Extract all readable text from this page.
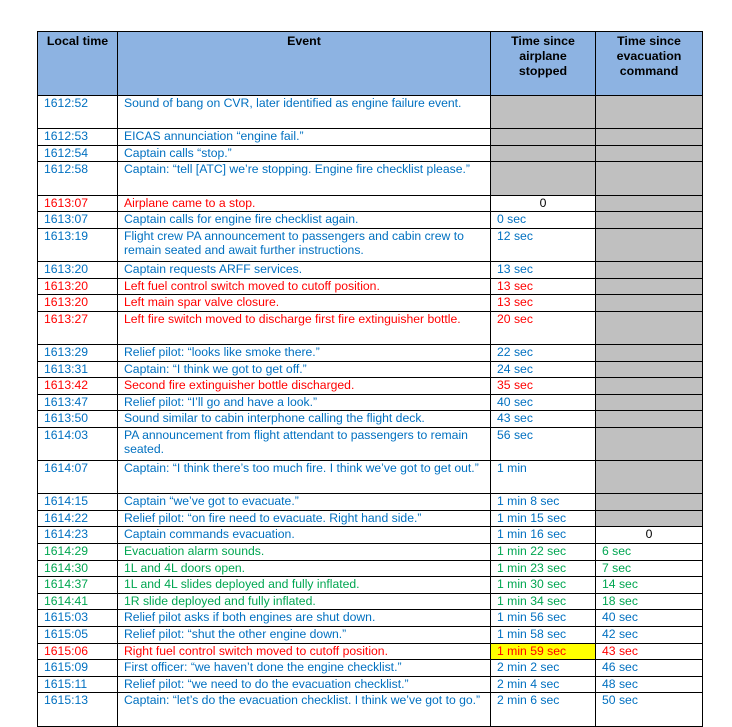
Local time	Event	Time since airplane stopped	Time since evacuation command
1612:52	Sound of bang on CVR, later identified as engine failure event.		
1612:53	EICAS annunciation “engine fail.”		
1612:54	Captain calls “stop.”		
1612:58	Captain: “tell [ATC] we’re stopping. Engine fire checklist please.”		
1613:07	Airplane came to a stop.	0	
1613:07	Captain calls for engine fire checklist again.	0 sec	
1613:19	Flight crew PA announcement to passengers and cabin crew to remain seated and await further instructions.	12 sec	
1613:20	Captain requests ARFF services.	13 sec	
1613:20	Left fuel control switch moved to cutoff position.	13 sec	
1613:20	Left main spar valve closure.	13 sec	
1613:27	Left fire switch moved to discharge first fire extinguisher bottle.	20 sec	
1613:29	Relief pilot: “looks like smoke there.”	22 sec	
1613:31	Captain: “I think we got to get off.”	24 sec	
1613:42	Second fire extinguisher bottle discharged.	35 sec	
1613:47	Relief pilot: “I’ll go and have a look.”	40 sec	
1613:50	Sound similar to cabin interphone calling the flight deck.	43 sec	
1614:03	PA announcement from flight attendant to passengers to remain seated.	56 sec	
1614:07	Captain: “I think there’s too much fire. I think we’ve got to get out.”	1 min	
1614:15	Captain “we’ve got to evacuate.”	1 min 8 sec	
1614:22	Relief pilot: “on fire need to evacuate. Right hand side.”	1 min 15 sec	
1614:23	Captain commands evacuation.	1 min 16 sec	0
1614:29	Evacuation alarm sounds.	1 min 22 sec	6 sec
1614:30	1L and 4L doors open.	1 min 23 sec	7 sec
1614:37	1L and 4L slides deployed and fully inflated.	1 min 30 sec	14 sec
1614:41	1R slide deployed and fully inflated.	1 min 34 sec	18 sec
1615:03	Relief pilot asks if both engines are shut down.	1 min 56 sec	40 sec
1615:05	Relief pilot: “shut the other engine down.”	1 min 58 sec	42 sec
1615:06	Right fuel control switch moved to cutoff position.	1 min 59 sec	43 sec
1615:09	First officer: “we haven’t done the engine checklist.”	2 min 2 sec	46 sec
1615:11	Relief pilot: “we need to do the evacuation checklist.”	2 min 4 sec	48 sec
1615:13	Captain: “let’s do the evacuation checklist. I think we’ve got to go.”	2 min 6 sec	50 sec
